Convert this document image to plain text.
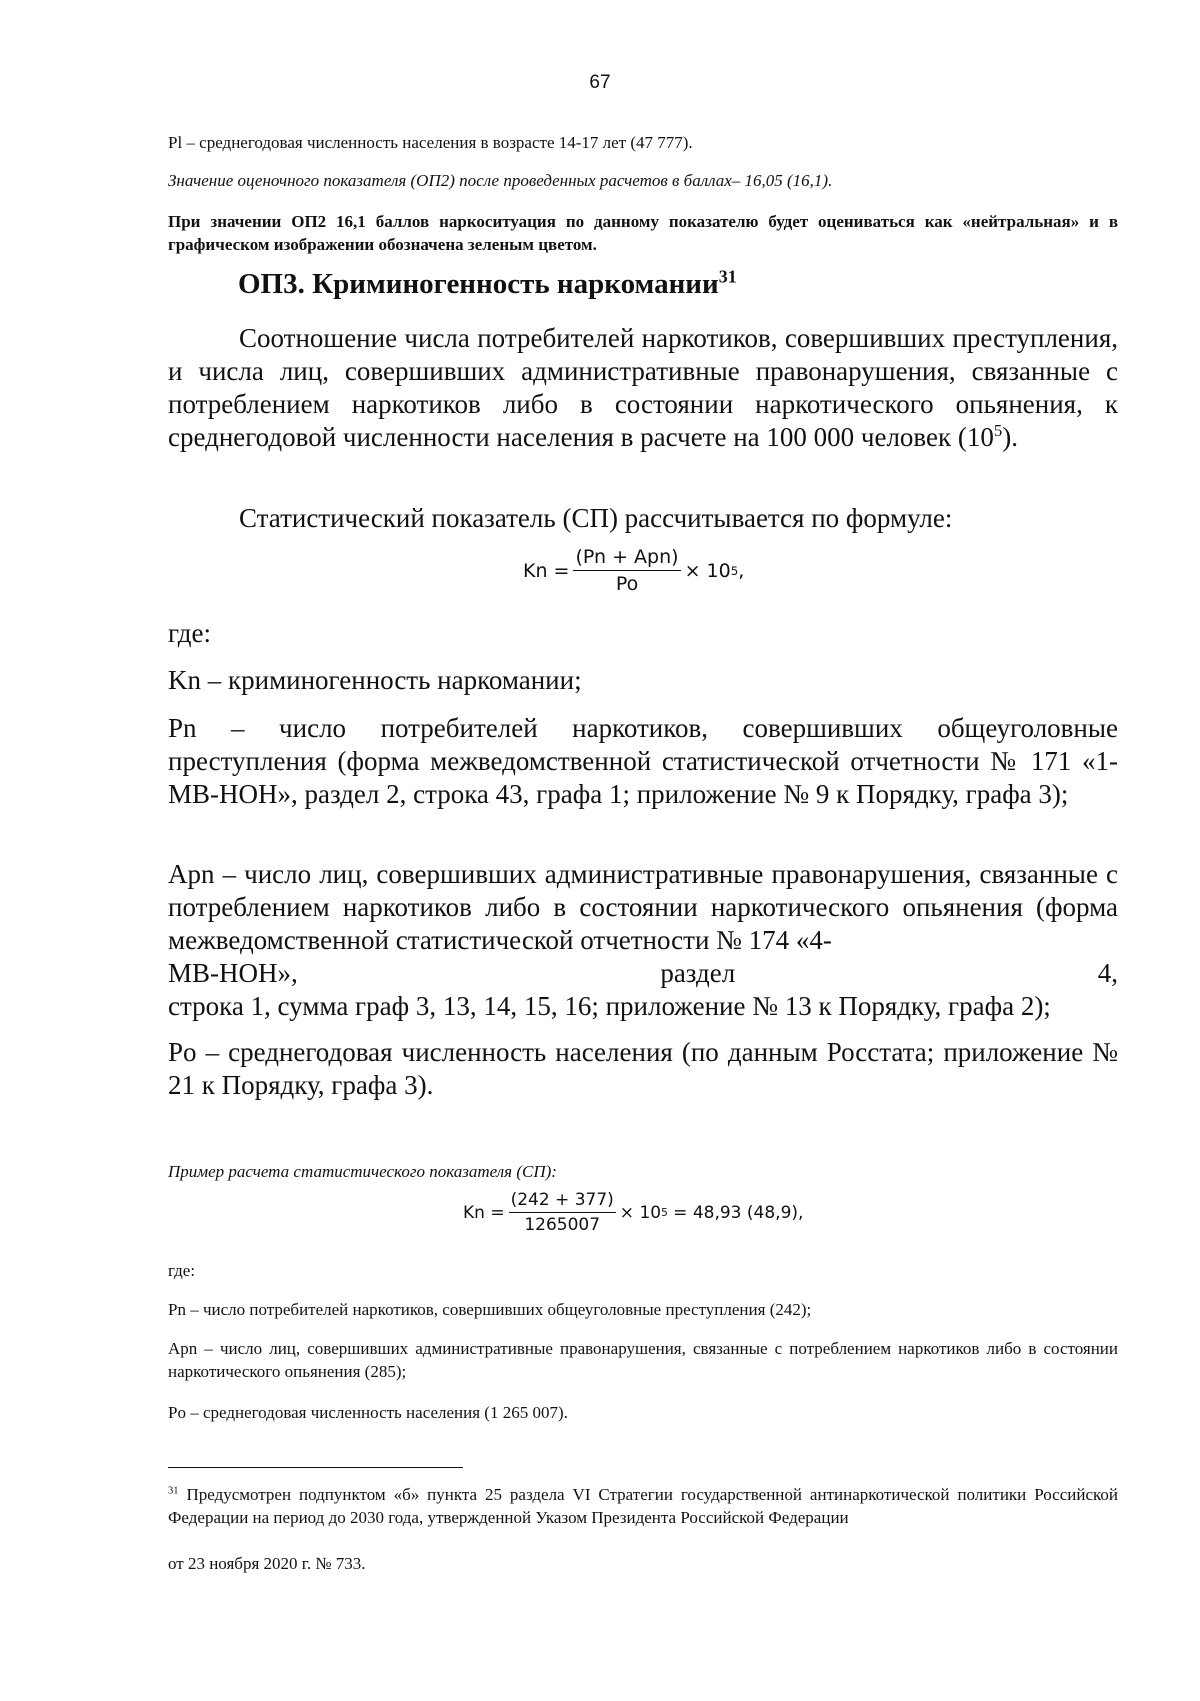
67
Pl – среднегодовая численность населения в возрасте 14-17 лет (47 777).
Значение оценочного показателя (ОП2) после проведенных расчетов в баллах– 16,05 (16,1).
При значении ОП2 16,1 баллов наркоситуация по данному показателю будет оцениваться как «нейтральная» и в графическом изображении обозначена зеленым цветом.
ОП3. Криминогенность наркомании$^{31}$
Соотношение числа потребителей наркотиков, совершивших преступления, и числа лиц, совершивших административные правонарушения, связанные с потреблением наркотиков либо в состоянии наркотического опьянения, к среднегодовой численности населения в расчете на 100 000 человек $(10^5)$.
Статистический показатель (СП) рассчитывается по формуле:
$Kn = \frac{\text{(Pn + Apn)}}{Po} \times 10$ 5 ,
где:
Kn – криминогенность наркомании;
Pn – число потребителей наркотиков, совершивших общеуголовные
преступления (форма межведомственной статистической отчетности № 171 «1-МВ-НОН», раздел 2, строка 43, графа 1; приложение № 9 к Порядку, графа 3);
Apn – число лиц, совершивших административные правонарушения, связанные с потреблением наркотиков либо в состоянии наркотического опьянения (форма межведомственной статистической отчетности № 174 «4-
МВ-НОН», раздел 4,
строка 1, сумма граф 3, 13, 14, 15, 16; приложение № 13 к Порядку, графа 2);
Po – среднегодовая численность населения (по данным Росстата; приложение № 21 к Порядку, графа 3).
Пример расчета статистического показателя (СП):
$Kn = \frac{(242 + 377)}{1265007} \times 10$ 5 = 48,93 (48,9),
где:
Pn – число потребителей наркотиков, совершивших общеуголовные преступления (242);
Apn – число лиц, совершивших административные правонарушения, связанные с потреблением наркотиков либо в состоянии наркотического опьянения (285);
Po – среднегодовая численность населения (1 265 007).
$^{31}$ Предусмотрен подпунктом «б» пункта 25 раздела VI Стратегии государственной антинаркотической политики Российской Федерации на период до 2030 года, утвержденной Указом Президента Российской Федерации
от 23 ноября 2020 г. № 733.
